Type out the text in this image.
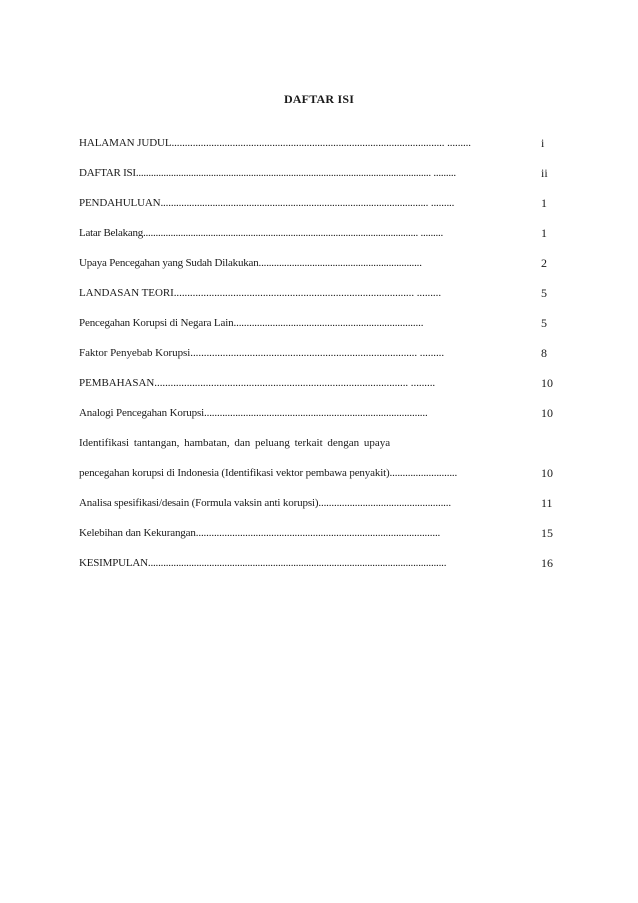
DAFTAR ISI
HALAMAN JUDUL....................................................................................................... .........	i
DAFTAR ISI...................................................................................................................... .........	ii
PENDAHULUAN....................................................................................................... .........	1
Latar Belakang.............................................................................................................. .........	1
Upaya Pencegahan yang Sudah Dilakukan................................................................	2
LANDASAN TEORI......................................................................................... .........	5
Pencegahan Korupsi di Negara Lain.........................................................................	5
Faktor Penyebab Korupsi.................................................................................... .........	8
PEMBAHASAN.............................................................................................. .........	10
Analogi Pencegahan Korupsi......................................................................................	10
Identifikasi tantangan, hambatan, dan peluang terkait dengan upaya
pencegahan korupsi di Indonesia (Identifikasi vektor pembawa penyakit)..........................	10
Analisa spesifikasi/desain (Formula vaksin anti korupsi)...................................................	11
Kelebihan dan Kekurangan..............................................................................................	15
KESIMPULAN.....................................................................................................................	16
